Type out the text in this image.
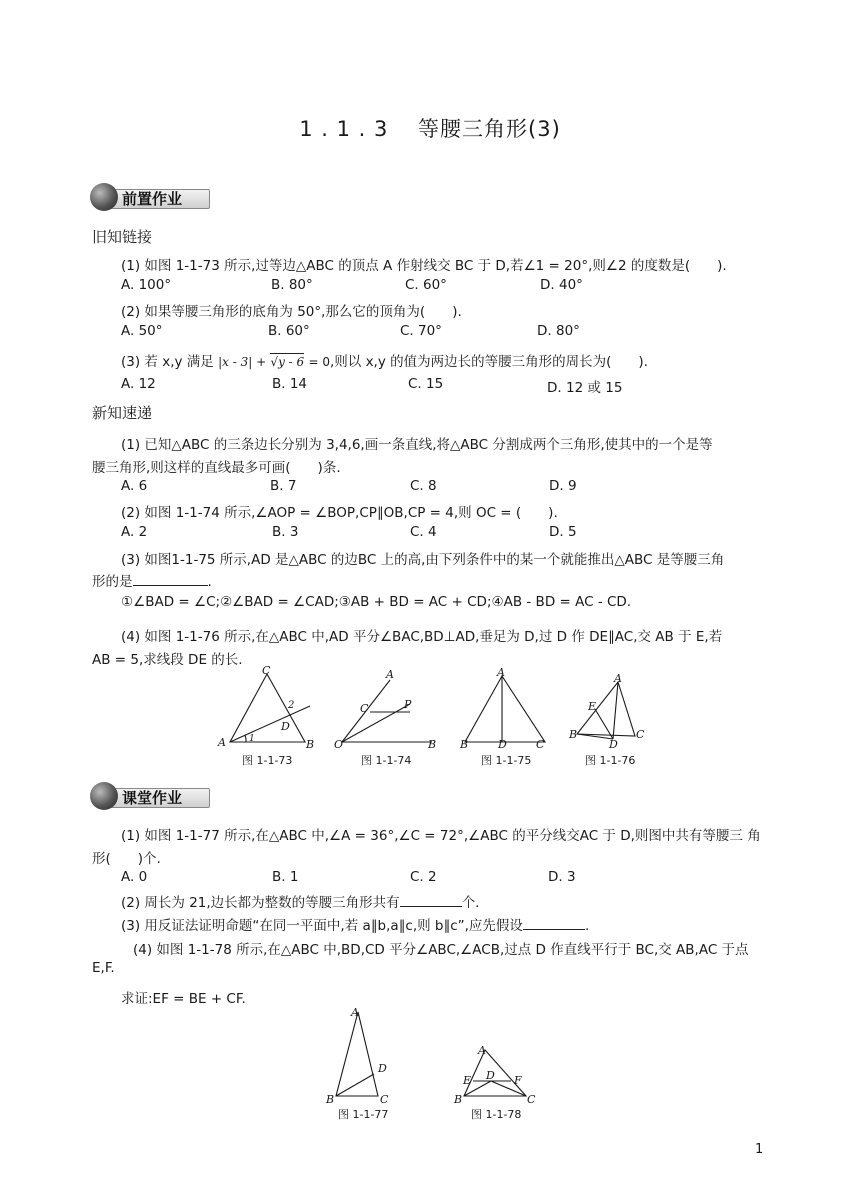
1 . 1 . 3　 等腰三角形(3)
前置作业
旧知链接
(1) 如图 1-1-73 所示,过等边△ABC 的顶点 A 作射线交 BC 于 D,若∠1 = 20°,则∠2 的度数是(　　).
A. 100°	B. 80°	C. 60°	D. 40°
(2) 如果等腰三角形的底角为 50°,那么它的顶角为(　　).
A. 50°	B. 60°	C. 70°	D. 80°
(3) 若 x,y 满足 |x - 3| + √y - 6 = 0,则以 x,y 的值为两边长的等腰三角形的周长为(　　).
A. 12	B. 14	C. 15	D. 12 或 15
新知速递
(1) 已知△ABC 的三条边长分别为 3,4,6,画一条直线,将△ABC 分割成两个三角形,使其中的一个是等
腰三角形,则这样的直线最多可画(　　)条.
A. 6	B. 7	C. 8	D. 9
(2) 如图 1-1-74 所示,∠AOP = ∠BOP,CP∥OB,CP = 4,则 OC = (　　).
A. 2	B. 3	C. 4	D. 5
(3) 如图1-1-75 所示,AD 是△ABC 的边BC 上的高,由下列条件中的某一个就能推出△ABC 是等腰三角
形的是	.
①∠BAD = ∠C;②∠BAD = ∠CAD;③AB + BD = AC + CD;④AB - BD = AC - CD.
(4) 如图 1-1-76 所示,在△ABC 中,AD 平分∠BAC,BD⊥AD,垂足为 D,过 D 作 DE∥AC,交 AB 于 E,若
AB = 5,求线段 DE 的长.
C
A	B
D
1
2
A
C	P
O	B
A
B	D	C
A
E
B
D
C
图 1-1-73	图 1-1-74	图 1-1-75	图 1-1-76
课堂作业
(1) 如图 1-1-77 所示,在△ABC 中,∠A = 36°,∠C = 72°,∠ABC 的平分线交AC 于 D,则图中共有等腰三 角
形(　　)个.
A. 0	B. 1	C. 2	D. 3
(2) 周长为 21,边长都为整数的等腰三角形共有	个.
(3) 用反证法证明命题“在同一平面中,若 a∥b,a∥c,则 b∥c”,应先假设	.
(4) 如图 1-1-78 所示,在△ABC 中,BD,CD 平分∠ABC,∠ACB,过点 D 作直线平行于 BC,交 AB,AC 于点
E,F.
求证:EF = BE + CF.
A
D
B	C
A
E D F
B	C
图 1-1-77	图 1-1-78
1
